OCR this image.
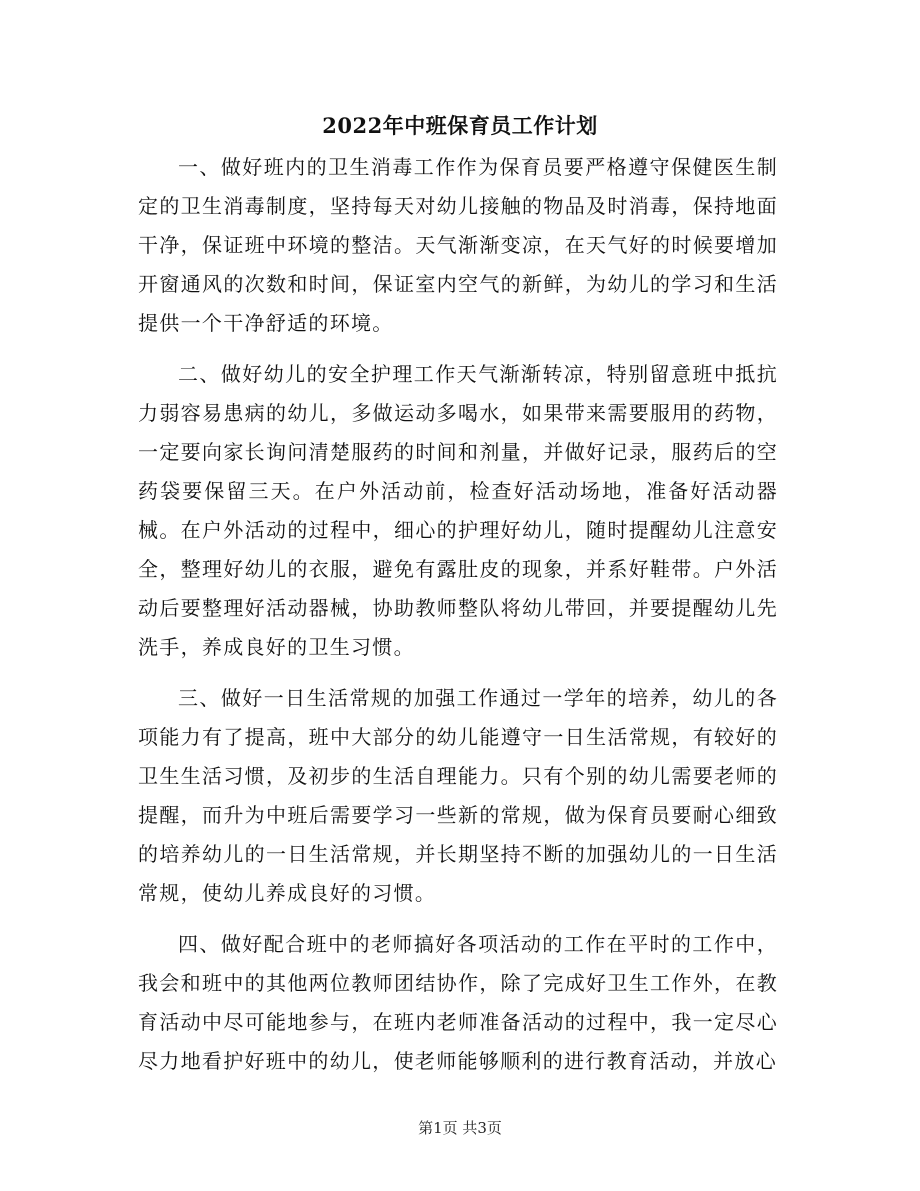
2022年中班保育员工作计划

一、做好班内的卫生消毒工作作为保育员要严格遵守保健医生制定的卫生消毒制度，坚持每天对幼儿接触的物品及时消毒，保持地面干净，保证班中环境的整洁。天气渐渐变凉，在天气好的时候要增加开窗通风的次数和时间，保证室内空气的新鲜，为幼儿的学习和生活提供一个干净舒适的环境。

二、做好幼儿的安全护理工作天气渐渐转凉，特别留意班中抵抗力弱容易患病的幼儿，多做运动多喝水，如果带来需要服用的药物，一定要向家长询问清楚服药的时间和剂量，并做好记录，服药后的空药袋要保留三天。在户外活动前，检查好活动场地，准备好活动器械。在户外活动的过程中，细心的护理好幼儿，随时提醒幼儿注意安全，整理好幼儿的衣服，避免有露肚皮的现象，并系好鞋带。户外活动后要整理好活动器械，协助教师整队将幼儿带回，并要提醒幼儿先洗手，养成良好的卫生习惯。

三、做好一日生活常规的加强工作通过一学年的培养，幼儿的各项能力有了提高，班中大部分的幼儿能遵守一日生活常规，有较好的卫生生活习惯，及初步的生活自理能力。只有个别的幼儿需要老师的提醒，而升为中班后需要学习一些新的常规，做为保育员要耐心细致的培养幼儿的一日生活常规，并长期坚持不断的加强幼儿的一日生活常规，使幼儿养成良好的习惯。

四、做好配合班中的老师搞好各项活动的工作在平时的工作中，我会和班中的其他两位教师团结协作，除了完成好卫生工作外，在教育活动中尽可能地参与，在班内老师准备活动的过程中，我一定尽心尽力地看护好班中的幼儿，使老师能够顺利的进行教育活动，并放心

第1页 共3页
